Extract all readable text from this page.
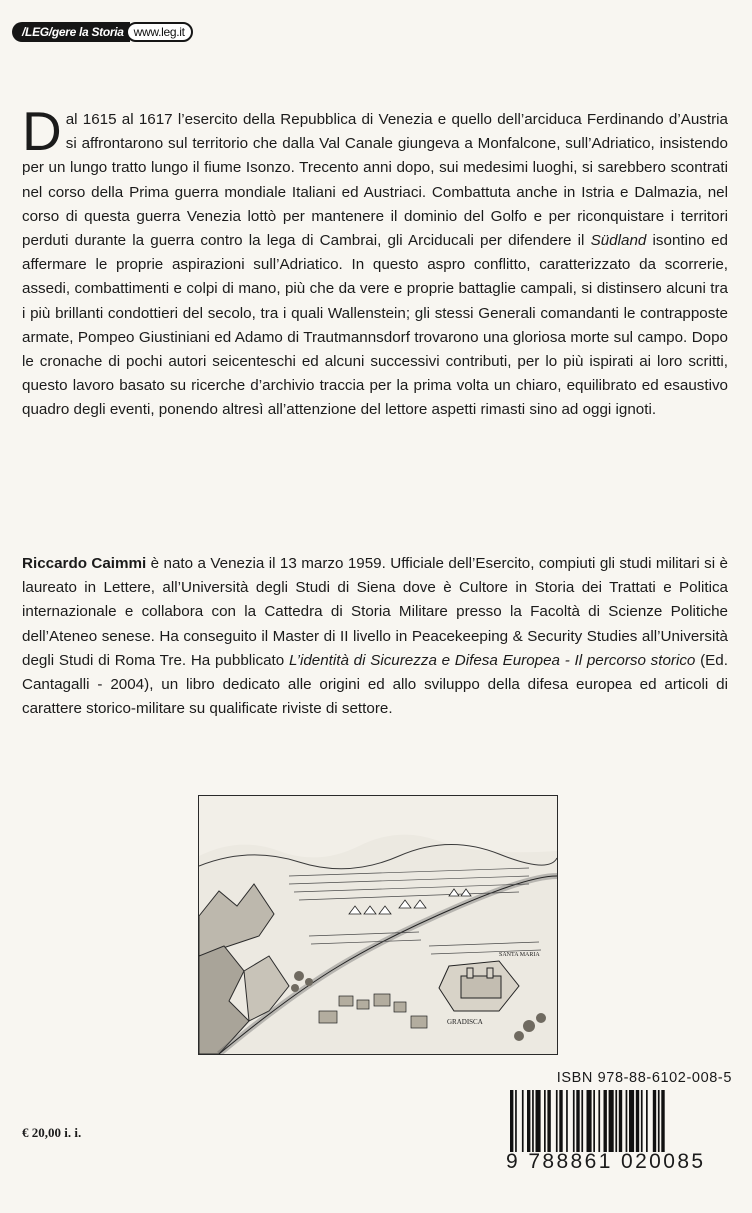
/LEG/gere la Storia www.leg.it

Dal 1615 al 1617 l’esercito della Repubblica di Venezia e quello dell’arciduca Ferdinando d’Austria si affrontarono sul territorio che dalla Val Canale giungeva a Monfalcone, sull’Adriatico, insistendo per un lungo tratto lungo il fiume Isonzo. Trecento anni dopo, sui medesimi luoghi, si sarebbero scontrati nel corso della Prima guerra mondiale Italiani ed Austriaci. Combattuta anche in Istria e Dalmazia, nel corso di questa guerra Venezia lottò per mantenere il dominio del Golfo e per riconquistare i territori perduti durante la guerra contro la lega di Cambrai, gli Arciducali per difendere il Südland isontino ed affermare le proprie aspirazioni sull’Adriatico. In questo aspro conflitto, caratterizzato da scorrerie, assedi, combattimenti e colpi di mano, più che da vere e proprie battaglie campali, si distinsero alcuni tra i più brillanti condottieri del secolo, tra i quali Wallenstein; gli stessi Generali comandanti le contrapposte armate, Pompeo Giustiniani ed Adamo di Trautmannsdorf trovarono una gloriosa morte sul campo. Dopo le cronache di pochi autori seicenteschi ed alcuni successivi contributi, per lo più ispirati ai loro scritti, questo lavoro basato su ricerche d’archivio traccia per la prima volta un chiaro, equilibrato ed esaustivo quadro degli eventi, ponendo altresì all’attenzione del lettore aspetti rimasti sino ad oggi ignoti.

Riccardo Caimmi è nato a Venezia il 13 marzo 1959. Ufficiale dell’Esercito, compiuti gli studi militari si è laureato in Lettere, all’Università degli Studi di Siena dove è Cultore in Storia dei Trattati e Politica internazionale e collabora con la Cattedra di Storia Militare presso la Facoltà di Scienze Politiche dell’Ateneo senese. Ha conseguito il Master di II livello in Peacekeeping & Security Studies all’Università degli Studi di Roma Tre. Ha pubblicato L’identità di Sicurezza e Difesa Europea - Il percorso storico (Ed. Cantagalli - 2004), un libro dedicato alle origini ed allo sviluppo della difesa europea ed articoli di carattere storico-militare su qualificate riviste di settore.

GRADISCA
SANTA MARIA
ISBN 978-88-6102-008-5
9 788861 020085
€ 20,00 i. i.
